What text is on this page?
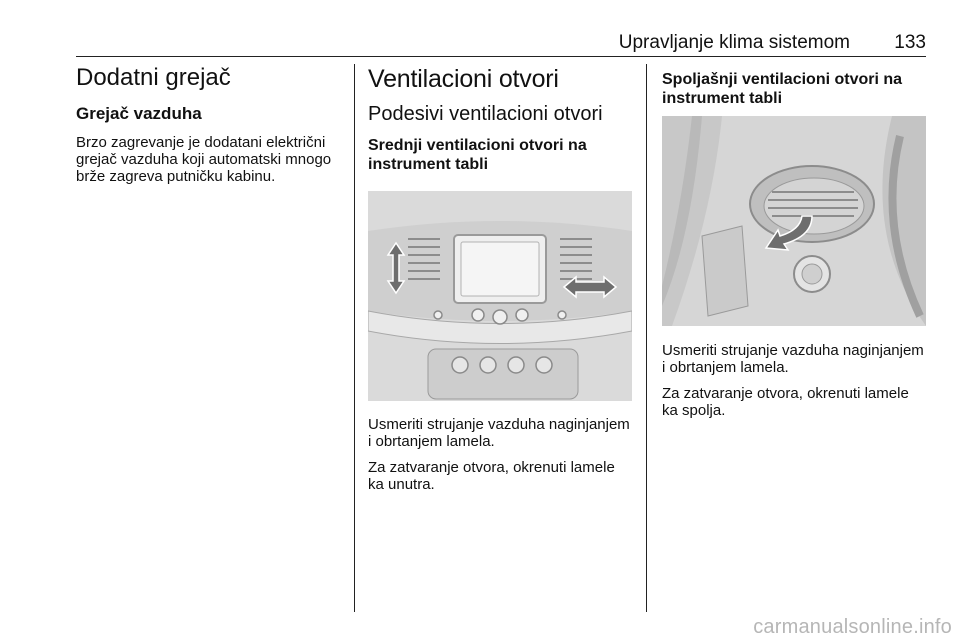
Upravljanje klima sistemom	133
Dodatni grejač
Grejač vazduha

Brzo zagrevanje je dodatani električni grejač vazduha koji automatski mnogo brže zagreva putničku kabinu.

Ventilacioni otvori
Podesivi ventilacioni otvori
Srednji ventilacioni otvori na instrument tabli

Usmeriti strujanje vazduha naginjanjem i obrtanjem lamela.

Za zatvaranje otvora, okrenuti lamele ka unutra.

Spoljašnji ventilacioni otvori na instrument tabli

Usmeriti strujanje vazduha naginjanjem i obrtanjem lamela.

Za zatvaranje otvora, okrenuti lamele ka spolja.

carmanualsonline.info
